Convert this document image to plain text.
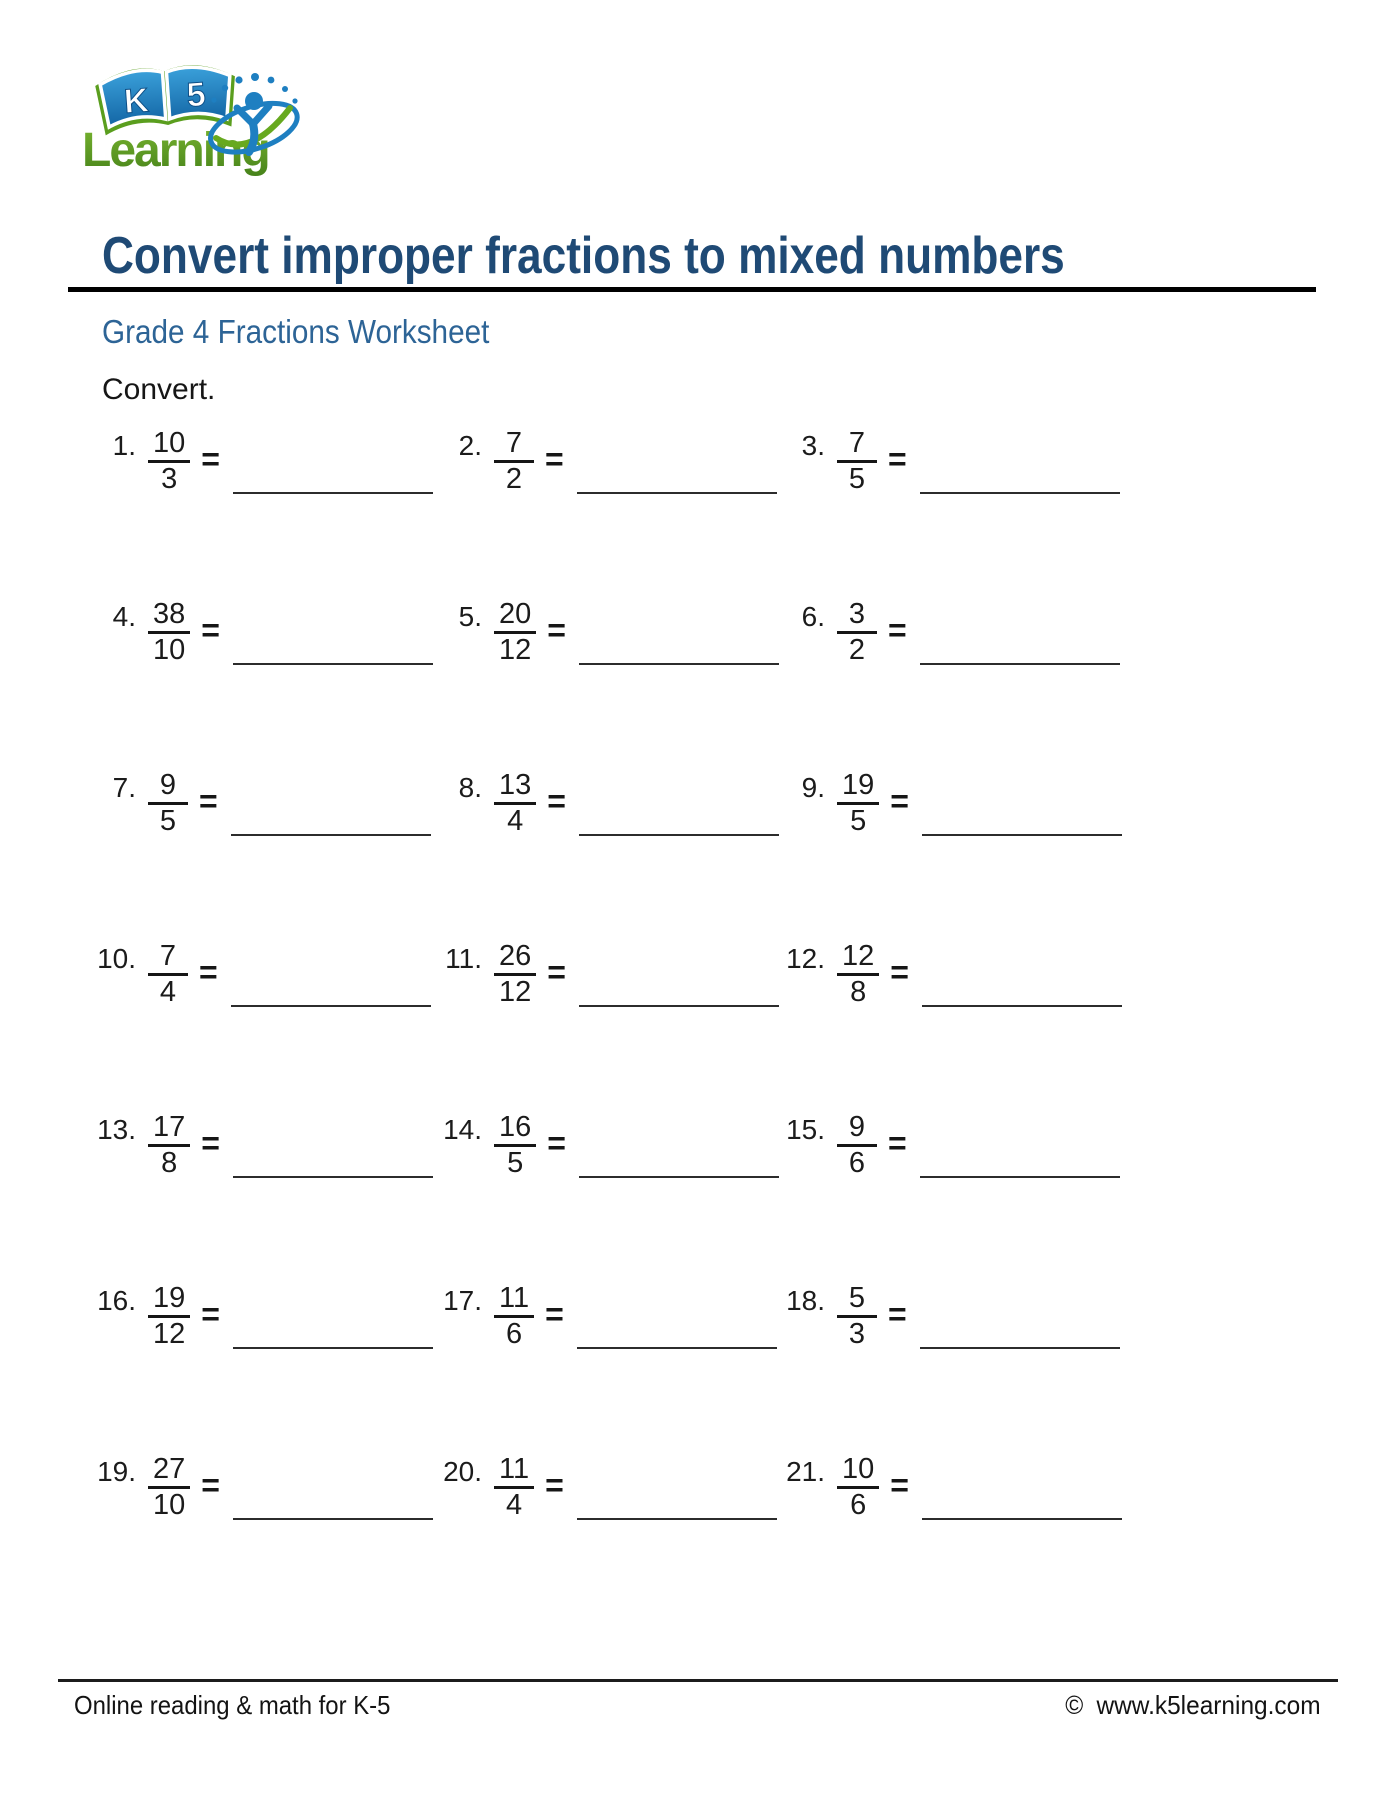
K 5
Learning
Convert improper fractions to mixed numbers
Grade 4 Fractions Worksheet
Convert.
1. $\frac{10}{3}$ =	2. $\frac{7}{2}$ =	3. $\frac{7}{5}$ =
4. $\frac{38}{10}$ =	5. $\frac{20}{12}$ =	6. $\frac{3}{2}$ =
7. $\frac{9}{5}$ =	8. $\frac{13}{4}$ =	9. $\frac{19}{5}$ =
10. $\frac{7}{4}$ =	11. $\frac{26}{12}$ =	12. $\frac{12}{8}$ =
13. $\frac{17}{8}$ =	14. $\frac{16}{5}$ =	15. $\frac{9}{6}$ =
16. $\frac{19}{12}$ =	17. $\frac{11}{6}$ =	18. $\frac{5}{3}$ =
19. $\frac{27}{10}$ =	20. $\frac{11}{4}$ =	21. $\frac{10}{6}$ =
Online reading & math for K-5	© www.k5learning.com
